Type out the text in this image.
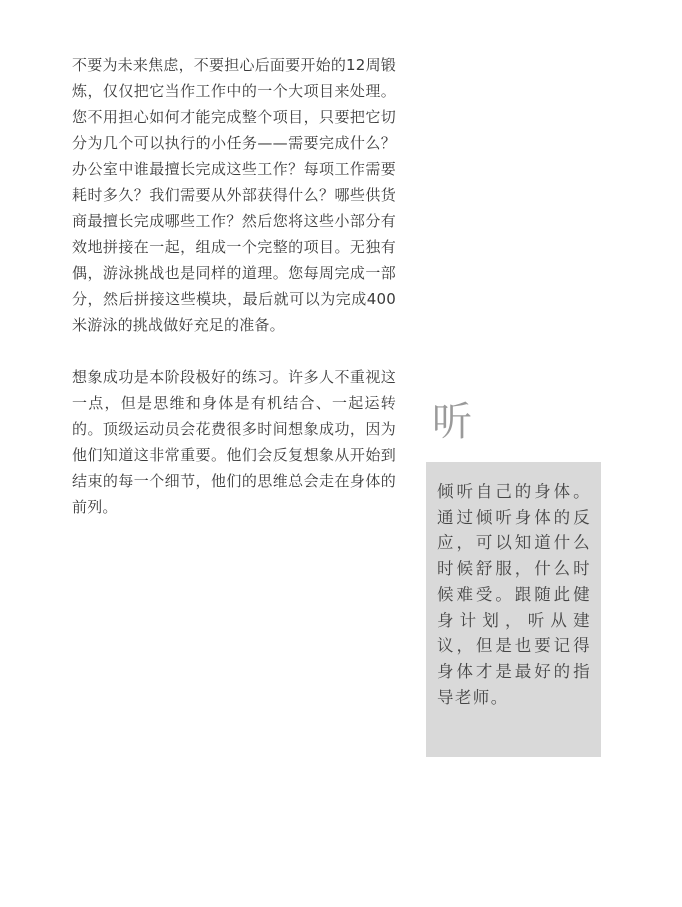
不要为未来焦虑，不要担心后面要开始的12周锻炼，仅仅把它当作工作中的一个大项目来处理。您不用担心如何才能完成整个项目，只要把它切分为几个可以执行的小任务——需要完成什么？办公室中谁最擅长完成这些工作？每项工作需要耗时多久？我们需要从外部获得什么？哪些供货商最擅长完成哪些工作？然后您将这些小部分有效地拼接在一起，组成一个完整的项目。无独有偶，游泳挑战也是同样的道理。您每周完成一部分，然后拼接这些模块，最后就可以为完成400米游泳的挑战做好充足的准备。

想象成功是本阶段极好的练习。许多人不重视这一点，但是思维和身体是有机结合、一起运转的。顶级运动员会花费很多时间想象成功，因为他们知道这非常重要。他们会反复想象从开始到结束的每一个细节，他们的思维总会走在身体的前列。

听

倾听自己的身体。通过倾听身体的反应，可以知道什么时候舒服，什么时候难受。跟随此健身计划，听从建议，但是也要记得身体才是最好的指导老师。
